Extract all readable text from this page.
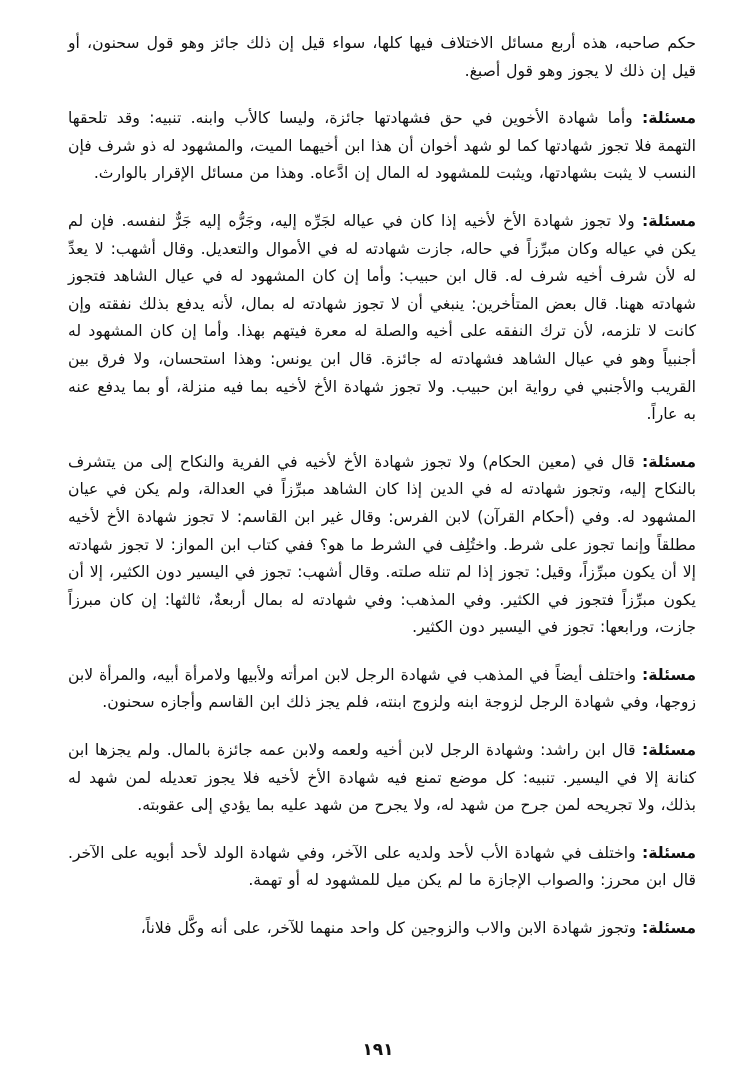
حكم صاحبه، هذه أربع مسائل الاختلاف فيها كلها، سواء قيل إن ذلك جائز وهو قول سحنون، أو قيل إن ذلك لا يجوز وهو قول أصبغ.

مسئلة: وأما شهادة الأخوين في حق فشهادتها جائزة، وليسا كالأب وابنه. تنبيه: وقد تلحقها التهمة فلا تجوز شهادتها كما لو شهد أخوان أن هذا ابن أخيهما الميت، والمشهود له ذو شرف فإن النسب لا يثبت بشهادتها، ويثبت للمشهود له المال إن ادَّعاه. وهذا من مسائل الإقرار بالوارث.

مسئلة: ولا تجوز شهادة الأخ لأخيه إذا كان في عياله لجَرِّه إليه، وجَرُّه إليه جَرٌّ لنفسه. فإن لم يكن في عياله وكان مبرِّزاً في حاله، جازت شهادته له في الأموال والتعديل. وقال أشهب: لا يعدِّ له لأن شرف أخيه شرف له. قال ابن حبيب: وأما إن كان المشهود له في عيال الشاهد فتجوز شهادته ههنا. قال بعض المتأخرين: ينبغي أن لا تجوز شهادته له بمال، لأنه يدفع بذلك نفقته وإن كانت لا تلزمه، لأن ترك النفقه على أخيه والصلة له معرة فيتهم بهذا. وأما إن كان المشهود له أجنبياً وهو في عيال الشاهد فشهادته له جائزة. قال ابن يونس: وهذا استحسان، ولا فرق بين القريب والأجنبي في رواية ابن حبيب. ولا تجوز شهادة الأخ لأخيه بما فيه منزلة، أو بما يدفع عنه به عاراً.

مسئلة: قال في (معين الحكام) ولا تجوز شهادة الأخ لأخيه في الفرية والنكاح إلى من يتشرف بالنكاح إليه، وتجوز شهادته له في الدين إذا كان الشاهد مبرِّزاً في العدالة، ولم يكن في عيان المشهود له. وفي (أحكام القرآن) لابن الفرس: وقال غير ابن القاسم: لا تجوز شهادة الأخ لأخيه مطلقاً وإنما تجوز على شرط. واختُلِف في الشرط ما هو؟ ففي كتاب ابن المواز: لا تجوز شهادته إلا أن يكون مبرِّزاً، وقيل: تجوز إذا لم تنله صلته. وقال أشهب: تجوز في اليسير دون الكثير، إلا أن يكون مبرِّزاً فتجوز في الكثير. وفي المذهب: وفي شهادته له بمال أربعةٌ، ثالثها: إن كان مبرزاً جازت، ورابعها: تجوز في اليسير دون الكثير.

مسئلة: واختلف أيضاً في المذهب في شهادة الرجل لابن امرأته ولأبيها ولامرأة أبيه، والمرأة لابن زوجها، وفي شهادة الرجل لزوجة ابنه ولزوج ابنته، فلم يجز ذلك ابن القاسم وأجازه سحنون.

مسئلة: قال ابن راشد: وشهادة الرجل لابن أخيه ولعمه ولابن عمه جائزة بالمال. ولم يجزها ابن كنانة إلا في اليسير. تنبيه: كل موضع تمنع فيه شهادة الأخ لأخيه فلا يجوز تعديله لمن شهد له بذلك، ولا تجريحه لمن جرح من شهد له، ولا يجرح من شهد عليه بما يؤدي إلى عقوبته.

مسئلة: واختلف في شهادة الأب لأحد ولديه على الآخر، وفي شهادة الولد لأحد أبويه على الآخر. قال ابن محرز: والصواب الإجازة ما لم يكن ميل للمشهود له أو تهمة.

مسئلة: وتجوز شهادة الابن والاب والزوجين كل واحد منهما للآخر، على أنه وكَّل فلاناً،

١٩١
